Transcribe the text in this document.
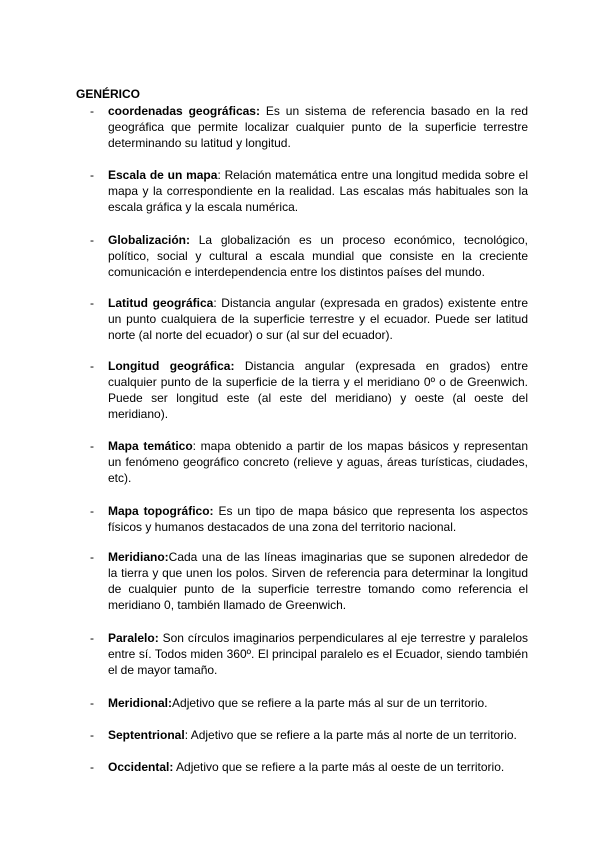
GENÉRICO
-	coordenadas geográficas: Es un sistema de referencia basado en la red geográfica que permite localizar cualquier punto de la superficie terrestre determinando su latitud y longitud.
-	Escala de un mapa: Relación matemática entre una longitud medida sobre el mapa y la correspondiente en la realidad. Las escalas más habituales son la escala gráfica y la escala numérica.
-	Globalización: La globalización es un proceso económico, tecnológico, político, social y cultural a escala mundial que consiste en la creciente comunicación e interdependencia entre los distintos países del mundo.
-	Latitud geográfica: Distancia angular (expresada en grados) existente entre un punto cualquiera de la superficie terrestre y el ecuador. Puede ser latitud norte (al norte del ecuador) o sur (al sur del ecuador).
-	Longitud geográfica: Distancia angular (expresada en grados) entre cualquier punto de la superficie de la tierra y el meridiano 0º o de Greenwich. Puede ser longitud este (al este del meridiano) y oeste (al oeste del meridiano).
-	Mapa temático: mapa obtenido a partir de los mapas básicos y representan un fenómeno geográfico concreto (relieve y aguas, áreas turísticas, ciudades, etc).
-	Mapa topográfico: Es un tipo de mapa básico que representa los aspectos físicos y humanos destacados de una zona del territorio nacional.
-	Meridiano:Cada una de las líneas imaginarias que se suponen alrededor de la tierra y que unen los polos. Sirven de referencia para determinar la longitud de cualquier punto de la superficie terrestre tomando como referencia el meridiano 0, también llamado de Greenwich.
-	Paralelo: Son círculos imaginarios perpendiculares al eje terrestre y paralelos entre sí. Todos miden 360º. El principal paralelo es el Ecuador, siendo también el de mayor tamaño.
-	Meridional:Adjetivo que se refiere a la parte más al sur de un territorio.
-	Septentrional: Adjetivo que se refiere a la parte más al norte de un territorio.
-	Occidental: Adjetivo que se refiere a la parte más al oeste de un territorio.
